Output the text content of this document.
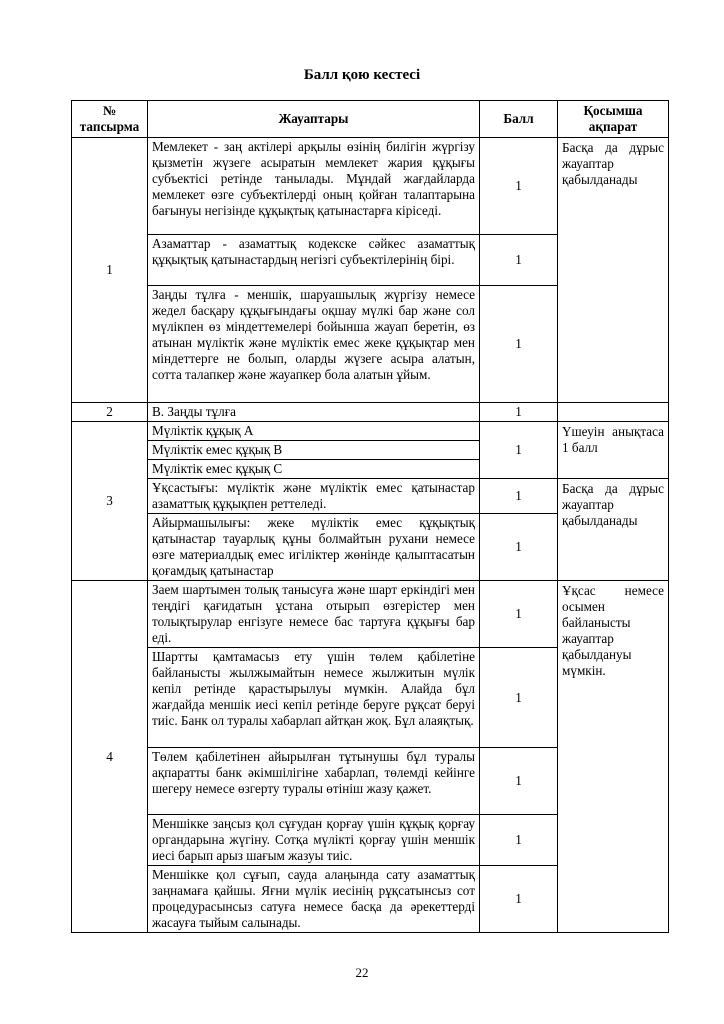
Балл қою кестесі
№ тапсырма	Жауаптары	Балл	Қосымша ақпарат
1	Мемлекет - заң актілері арқылы өзінің билігін жүргізу қызметін жүзеге асыратын мемлекет жария құқығы субъектісі ретінде танылады. Мұндай жағдайларда мемлекет өзге субъектілерді оның қойған талаптарына бағынуы негізінде құқықтық қатынастарға кіріседі.	1	Басқа да дұрыс жауаптар қабылданады
	Азаматтар - азаматтық кодекске сәйкес азаматтық құқықтық қатынастардың негізгі субъектілерінің бірі.	1	
	Заңды тұлға - меншік, шаруашылық жүргізу немесе жедел басқару құқығындағы оқшау мүлкі бар және сол мүлікпен өз міндеттемелері бойынша жауап беретін, өз атынан мүліктік және мүліктік емес жеке құқықтар мен міндеттерге не болып, оларды жүзеге асыра алатын, сотта талапкер және жауапкер бола алатын ұйым.	1	
2	В. Заңды тұлға	1	
3	Мүліктік құқық А	1	Үшеуін анықтаса 1 балл
	Мүліктік емес құқық В		
	Мүліктік емес құқық С		
	Ұқсастығы: мүліктік және мүліктік емес қатынастар азаматтық құқықпен реттеледі.	1	Басқа да дұрыс жауаптар қабылданады
	Айырмашылығы: жеке мүліктік емес құқықтық қатынастар тауарлық құны болмайтын рухани немесе өзге материалдық емес игіліктер жөнінде қалыптасатын қоғамдық қатынастар	1	
4	Заем шартымен толық танысуға және шарт еркіндігі мен теңдігі қағидатын ұстана отырып өзгерістер мен толықтырулар енгізуге немесе бас тартуға құқығы бар еді.	1	Ұқсас немесе осымен байланысты жауаптар қабылдануы мүмкін.
	Шартты қамтамасыз ету үшін төлем қабілетіне байланысты жылжымайтын немесе жылжитын мүлік кепіл ретінде қарастырылуы мүмкін. Алайда бұл жағдайда меншік иесі кепіл ретінде беруге рұқсат беруі тиіс. Банк ол туралы хабарлап айтқан жоқ. Бұл алаяқтық.	1	
	Төлем қабілетінен айырылған тұтынушы бұл туралы ақпаратты банк әкімшілігіне хабарлап, төлемді кейінге шегеру немесе өзгерту туралы өтініш жазу қажет.	1	
	Меншікке заңсыз қол сұғудан қорғау үшін құқық қорғау органдарына жүгіну. Сотқа мүлікті қорғау үшін меншік иесі барып арыз шағым жазуы тиіс.	1	
	Меншікке қол сұғып, сауда алаңында сату азаматтық заңнамаға қайшы. Яғни мүлік иесінің рұқсатынсыз сот процедурасынсыз сатуға немесе басқа да әрекеттерді жасауға тыйым салынады.	1	
22
